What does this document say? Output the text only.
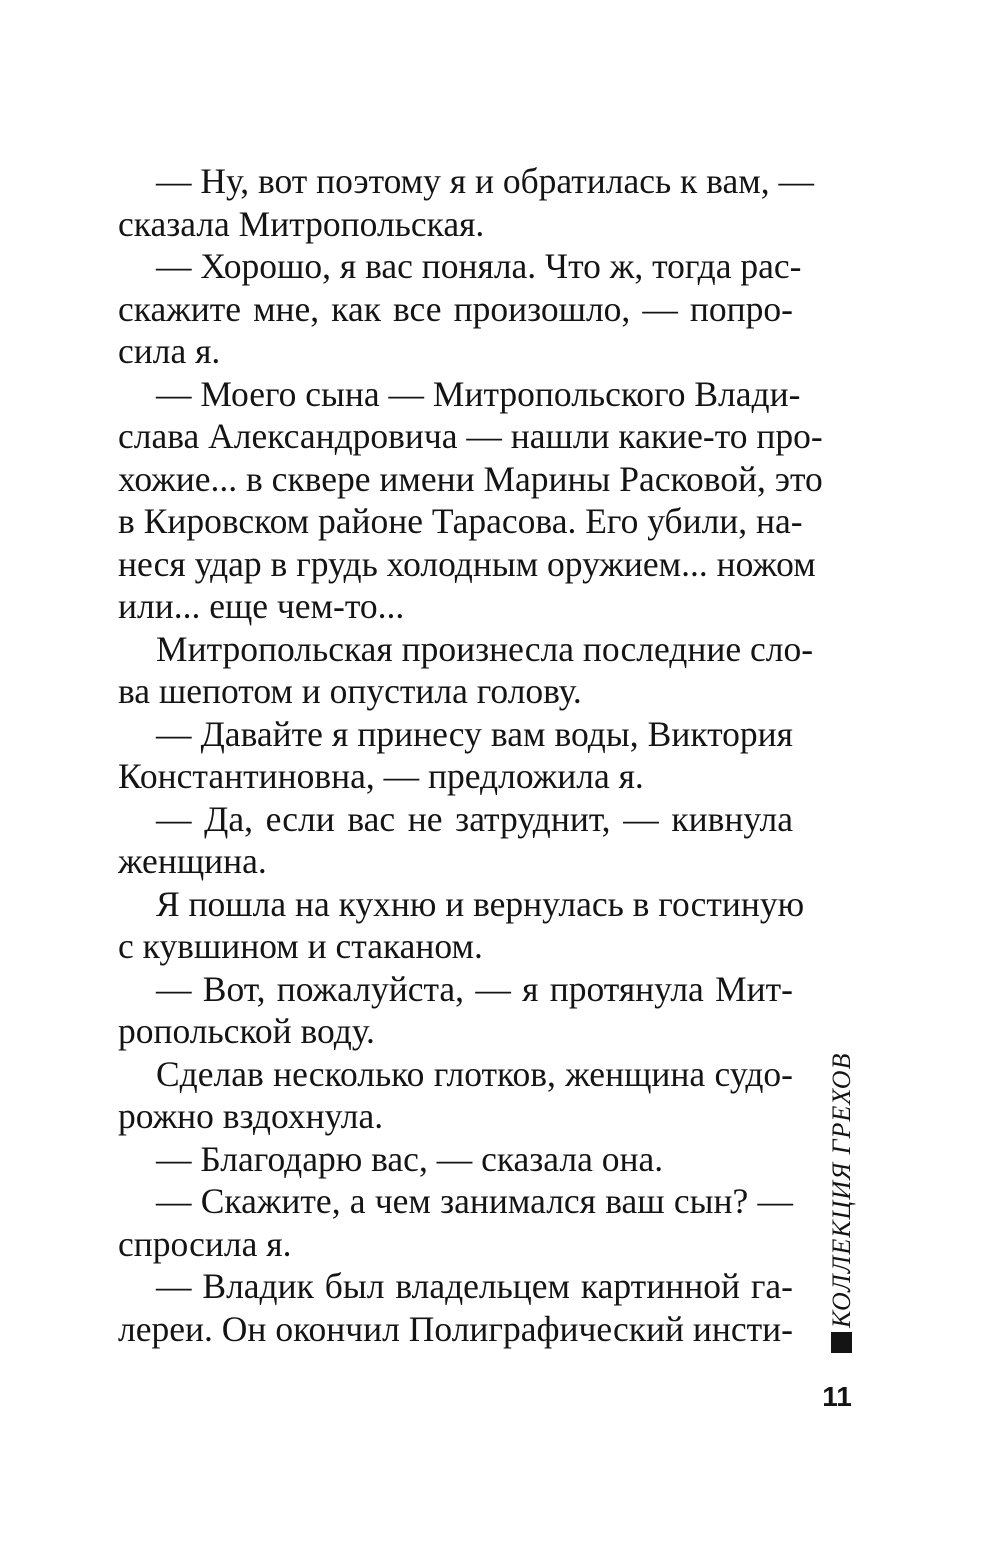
— Ну, вот поэтому я и обратилась к вам, —
сказала Митропольская.
— Хорошо, я вас поняла. Что ж, тогда рас-
скажите мне, как все произошло, — попро-
сила я.
— Моего сына — Митропольского Влади-
слава Александровича — нашли какие-то про-
хожие... в сквере имени Марины Расковой, это
в Кировском районе Тарасова. Его убили, на-
неся удар в грудь холодным оружием... ножом
или... еще чем-то...
Митропольская произнесла последние сло-
ва шепотом и опустила голову.
— Давайте я принесу вам воды, Виктория
Константиновна, — предложила я.
— Да, если вас не затруднит, — кивнула
женщина.
Я пошла на кухню и вернулась в гостиную
с кувшином и стаканом.
— Вот, пожалуйста, — я протянула Мит-
ропольской воду.
Сделав несколько глотков, женщина судо-
рожно вздохнула.
— Благодарю вас, — сказала она.
— Скажите, а чем занимался ваш сын? —
спросила я.
— Владик был владельцем картинной га-
лереи. Он окончил Полиграфический инсти-
КОЛЛЕКЦИЯ ГРЕХОВ
11
